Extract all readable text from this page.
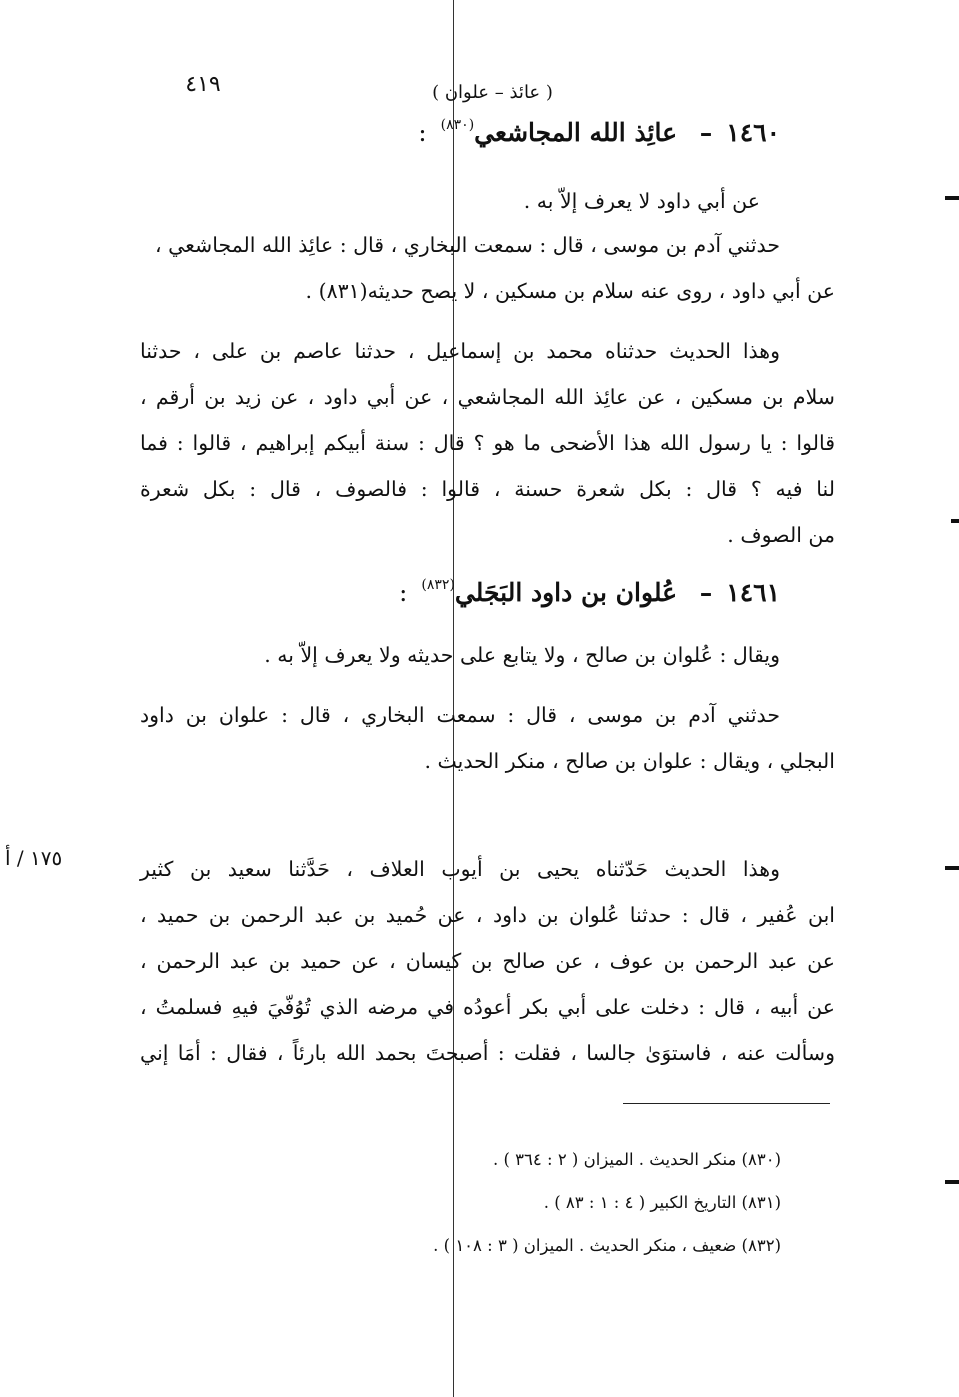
٤١٩	( عائذ – علوان )
١٤٦٠– عائِذ الله المجاشعي$^{(٨٣٠)}$:
عن أبي داود لا يعرف إلاّ به .
حدثني آدم بن موسى ، قال : سمعت البخاري ، قال : عائِذ الله المجاشعي ،
عن أبي داود ، روى عنه سلام بن مسكين ، لا يصح حديثه(٨٣١) .
وهذا الحديث حدثناه محمد بن إسماعيل ، حدثنا عاصم بن على ، حدثنا
سلام بن مسكين ، عن عائِذ الله المجاشعي ، عن أبي داود ، عن زيد بن أرقم ،
قالوا : يا رسول الله هذا الأضحى ما هو ؟ قال : سنة أبيكم إبراهيم ، قالوا : فما
لنا فيه ؟ قال : بكل شعرة حسنة ، قالوا : فالصوف ، قال : بكل شعرة
من الصوف .
١٤٦١– عُلوان بن داود البَجَلي$^{(٨٣٢)}$:
ويقال : عُلوان بن صالح ، ولا يتابع على حديثه ولا يعرف إلاّ به .
حدثني آدم بن موسى ، قال : سمعت البخاري ، قال : علوان بن داود
البجلي ، ويقال : علوان بن صالح ، منكر الحديث .
١٧٥ / أ	وهذا الحديث حَدّثناه يحيى بن أيوب العلاف ، حَدَّثنا سعيد بن كثير
ابن عُفير ، قال : حدثنا عُلوان بن داود ، عن حُميد بن عبد الرحمن بن حميد ،
عن عبد الرحمن بن عوف ، عن صالح بن كيسان ، عن حميد بن عبد الرحمن ،
عن أبيه ، قال : دخلت على أبي بكر أعودُه في مرضه الذي تُوُفّيَ فيهِ فسلمتُ ،
وسألت عنه ، فاستوَىٰ جالسا ، فقلت : أصبحتَ بحمد الله بارئاً ، فقال : أمَا إني
(٨٣٠) منكر الحديث . الميزان ( ٢ : ٣٦٤ ) .
(٨٣١) التاريخ الكبير ( ٤ : ١ : ٨٣ ) .
(٨٣٢) ضعيف ، منكر الحديث . الميزان ( ٣ : ١٠٨ ) .
